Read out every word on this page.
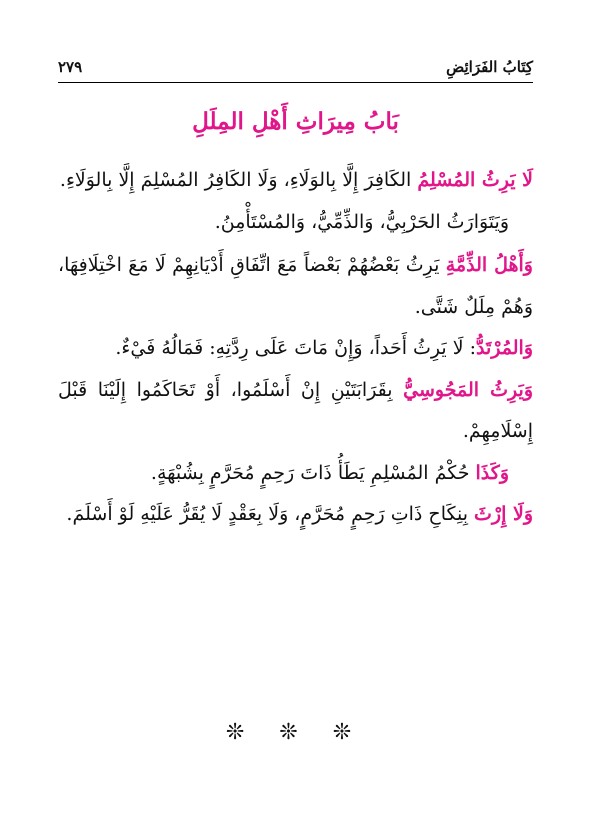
كِتَابُ الفَرَائِضِ
٢٧٩
بَابُ مِيرَاثِ أَهْلِ المِلَلِ

لَا يَرِثُ المُسْلِمُ الكَافِرَ إِلَّا بِالوَلَاءِ، وَلَا الكَافِرُ المُسْلِمَ إِلَّا بِالوَلَاءِ.

وَيَتَوَارَثُ الحَرْبِيُّ، وَالذِّمِّيُّ، وَالمُسْتَأْمِنُ.

وَأَهْلُ الذِّمَّةِ يَرِثُ بَعْضُهُمْ بَعْضاً مَعَ اتِّفَاقِ أَدْيَانِهِمْ لَا مَعَ اخْتِلَافِهَا، وَهُمْ مِلَلٌ شَتَّى.

وَالمُرْتَدُّ: لَا يَرِثُ أَحَداً، وَإِنْ مَاتَ عَلَى رِدَّتِهِ: فَمَالُهُ فَيْءٌ.

وَيَرِثُ المَجُوسِيُّ بِقَرَابَتَيْنِ إِنْ أَسْلَمُوا، أَوْ تَحَاكَمُوا إِلَيْنَا قَبْلَ إِسْلَامِهِمْ.

وَكَذَا حُكْمُ المُسْلِمِ يَطَأُ ذَاتَ رَحِمٍ مُحَرَّمٍ بِشُبْهَةٍ.

وَلَا إِرْثَ بِنِكَاحِ ذَاتِ رَحِمٍ مُحَرَّمٍ، وَلَا بِعَقْدٍ لَا يُقَرُّ عَلَيْهِ لَوْ أَسْلَمَ.

❊ ❊ ❊
